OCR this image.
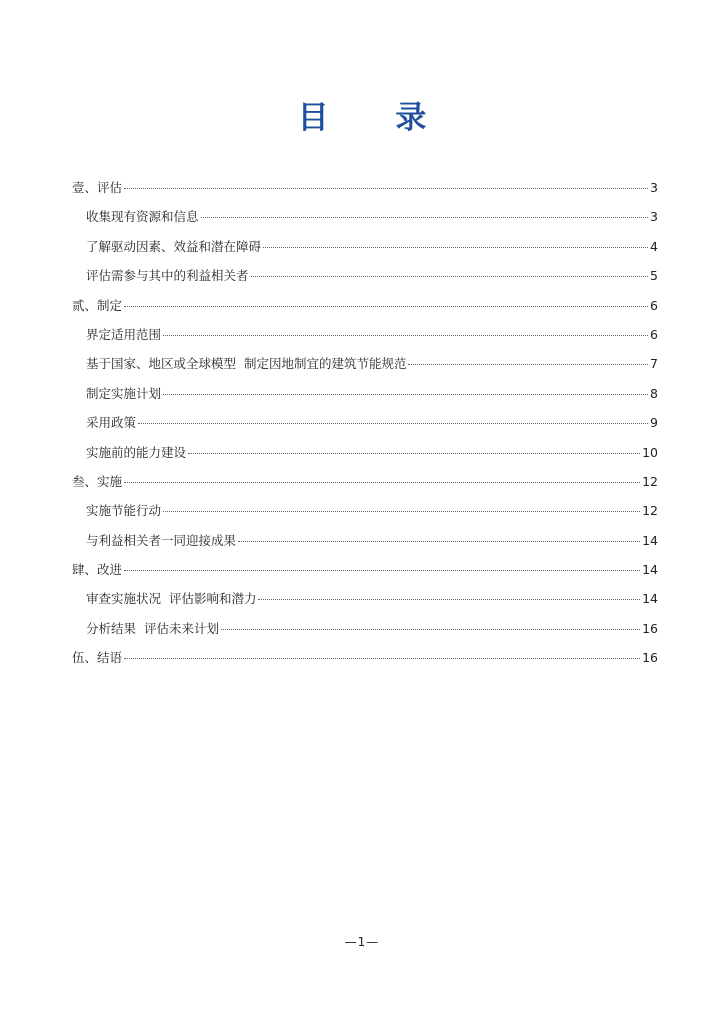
目 录
壹、评估	3
收集现有资源和信息	3
了解驱动因素、效益和潜在障碍	4
评估需参与其中的利益相关者	5
贰、制定	6
界定适用范围	6
基于国家、地区或全球模型  制定因地制宜的建筑节能规范	7
制定实施计划	8
采用政策	9
实施前的能力建设	10
叁、实施	12
实施节能行动	12
与利益相关者一同迎接成果	14
肆、改进	14
审查实施状况  评估影响和潜力	14
分析结果  评估未来计划	16
伍、结语	16
—1—
